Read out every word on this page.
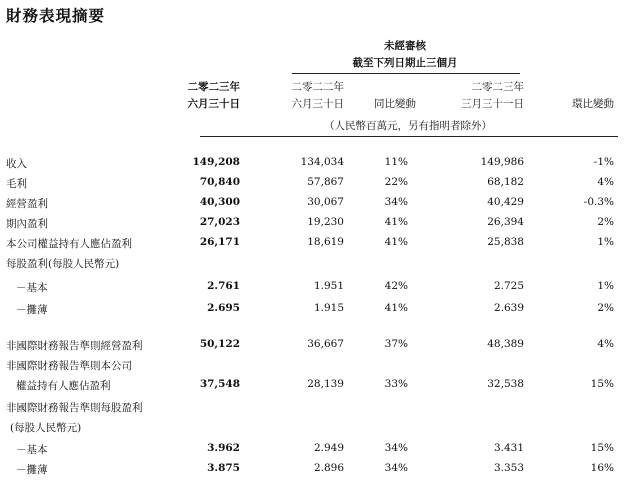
財務表現摘要
未經審核
截至下列日期止三個月
二零二三年
六月三十日
二零二二年
六月三十日	同比變動
二零二三年
三月三十一日	環比變動
（人民幣百萬元，另有指明者除外）
收入	149,208	134,034	11%	149,986	-1%
毛利	70,840	57,867	22%	68,182	4%
經營盈利	40,300	30,067	34%	40,429	-0.3%
期內盈利	27,023	19,230	41%	26,394	2%
本公司權益持有人應佔盈利	26,171	18,619	41%	25,838	1%
每股盈利(每股人民幣元)
－基本	2.761	1.951	42%	2.725	1%
－攤薄	2.695	1.915	41%	2.639	2%
非國際財務報告準則經營盈利	50,122	36,667	37%	48,389	4%
非國際財務報告準則本公司
權益持有人應佔盈利	37,548	28,139	33%	32,538	15%
非國際財務報告準則每股盈利
(每股人民幣元)
－基本	3.962	2.949	34%	3.431	15%
－攤薄	3.875	2.896	34%	3.353	16%
